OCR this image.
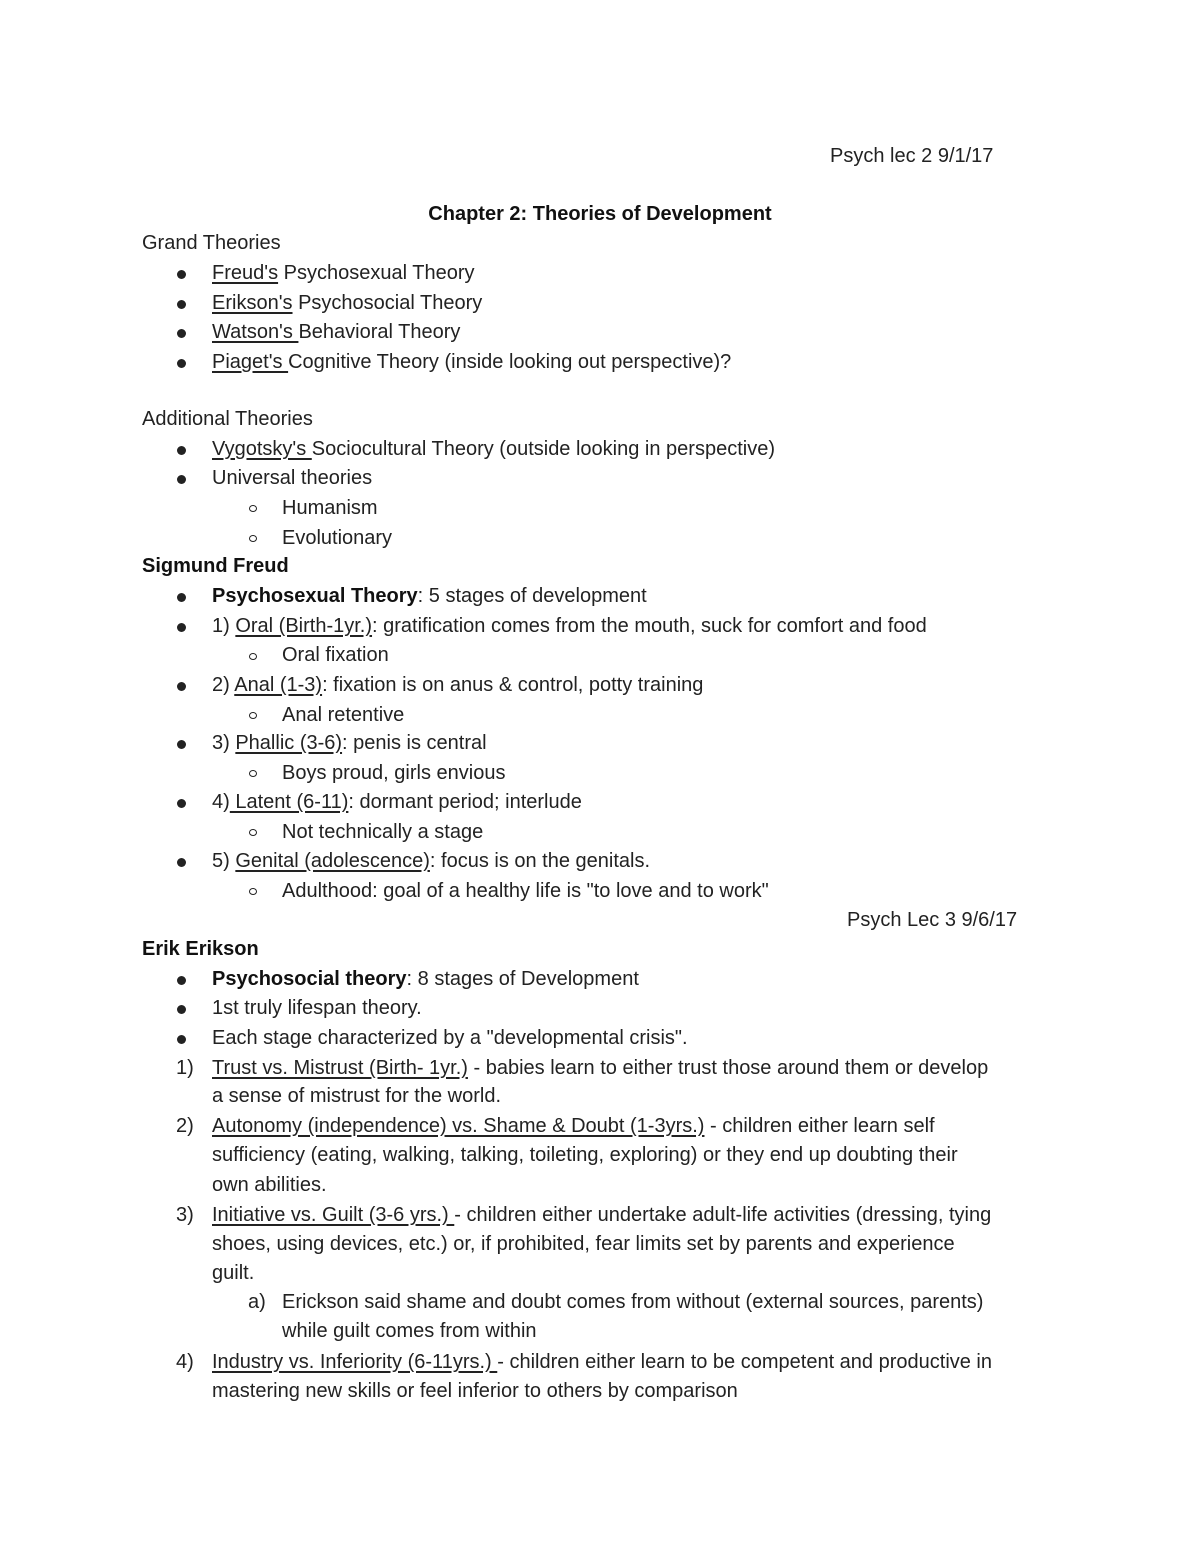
Psych lec 2 9/1/17
Chapter 2: Theories of Development
Grand Theories
Freud's Psychosexual Theory
Erikson's Psychosocial Theory
Watson's Behavioral Theory
Piaget's Cognitive Theory (inside looking out perspective)?
Additional Theories
Vygotsky's Sociocultural Theory (outside looking in perspective)
Universal theories
Humanism
Evolutionary
Sigmund Freud
Psychosexual Theory: 5 stages of development
1) Oral (Birth-1yr.): gratification comes from the mouth, suck for comfort and food
Oral fixation
2) Anal (1-3): fixation is on anus & control, potty training
Anal retentive
3) Phallic (3-6): penis is central
Boys proud, girls envious
4) Latent (6-11): dormant period; interlude
Not technically a stage
5) Genital (adolescence): focus is on the genitals.
Adulthood: goal of a healthy life is "to love and to work"
Psych Lec 3 9/6/17
Erik Erikson
Psychosocial theory: 8 stages of Development
1st truly lifespan theory.
Each stage characterized by a "developmental crisis".
1) Trust vs. Mistrust (Birth- 1yr.) - babies learn to either trust those around them or develop
a sense of mistrust for the world.
2) Autonomy (independence) vs. Shame & Doubt (1-3yrs.) - children either learn self
sufficiency (eating, walking, talking, toileting, exploring) or they end up doubting their
own abilities.
3) Initiative vs. Guilt (3-6 yrs.) - children either undertake adult-life activities (dressing, tying
shoes, using devices, etc.) or, if prohibited, fear limits set by parents and experience
guilt.
a) Erickson said shame and doubt comes from without (external sources, parents)
while guilt comes from within
4) Industry vs. Inferiority (6-11yrs.) - children either learn to be competent and productive in
mastering new skills or feel inferior to others by comparison
